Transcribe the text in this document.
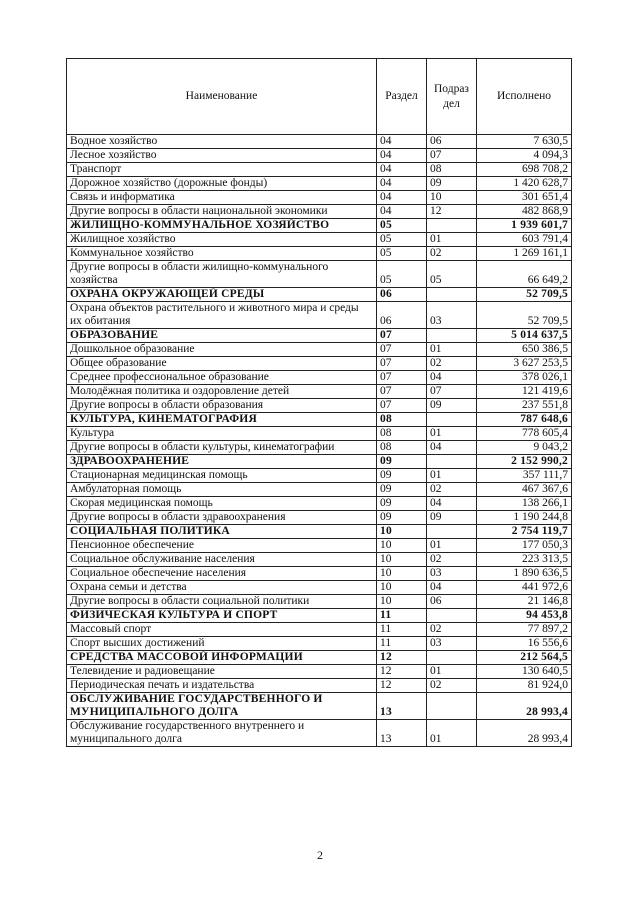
Наименование	Раздел	Подраз дел	Исполнено
Водное хозяйство	04	06	7 630,5
Лесное хозяйство	04	07	4 094,3
Транспорт	04	08	698 708,2
Дорожное хозяйство (дорожные фонды)	04	09	1 420 628,7
Связь и информатика	04	10	301 651,4
Другие вопросы в области национальной экономики	04	12	482 868,9
ЖИЛИЩНО-КОММУНАЛЬНОЕ ХОЗЯЙСТВО	05		1 939 601,7
Жилищное хозяйство	05	01	603 791,4
Коммунальное хозяйство	05	02	1 269 161,1
Другие вопросы в области жилищно-коммунального хозяйства	05	05	66 649,2
ОХРАНА ОКРУЖАЮЩЕЙ СРЕДЫ	06		52 709,5
Охрана объектов растительного и животного мира и среды их обитания	06	03	52 709,5
ОБРАЗОВАНИЕ	07		5 014 637,5
Дошкольное образование	07	01	650 386,5
Общее образование	07	02	3 627 253,5
Среднее профессиональное образование	07	04	378 026,1
Молодёжная политика и оздоровление детей	07	07	121 419,6
Другие вопросы в области образования	07	09	237 551,8
КУЛЬТУРА, КИНЕМАТОГРАФИЯ	08		787 648,6
Культура	08	01	778 605,4
Другие вопросы в области культуры, кинематографии	08	04	9 043,2
ЗДРАВООХРАНЕНИЕ	09		2 152 990,2
Стационарная медицинская помощь	09	01	357 111,7
Амбулаторная помощь	09	02	467 367,6
Скорая медицинская помощь	09	04	138 266,1
Другие вопросы в области здравоохранения	09	09	1 190 244,8
СОЦИАЛЬНАЯ ПОЛИТИКА	10		2 754 119,7
Пенсионное обеспечение	10	01	177 050,3
Социальное обслуживание населения	10	02	223 313,5
Социальное обеспечение населения	10	03	1 890 636,5
Охрана семьи и детства	10	04	441 972,6
Другие вопросы в области социальной политики	10	06	21 146,8
ФИЗИЧЕСКАЯ КУЛЬТУРА И СПОРТ	11		94 453,8
Массовый спорт	11	02	77 897,2
Спорт высших достижений	11	03	16 556,6
СРЕДСТВА МАССОВОЙ ИНФОРМАЦИИ	12		212 564,5
Телевидение и радиовещание	12	01	130 640,5
Периодическая печать и издательства	12	02	81 924,0
ОБСЛУЖИВАНИЕ ГОСУДАРСТВЕННОГО И МУНИЦИПАЛЬНОГО ДОЛГА	13		28 993,4
Обслуживание государственного внутреннего и муниципального долга	13	01	28 993,4
2
